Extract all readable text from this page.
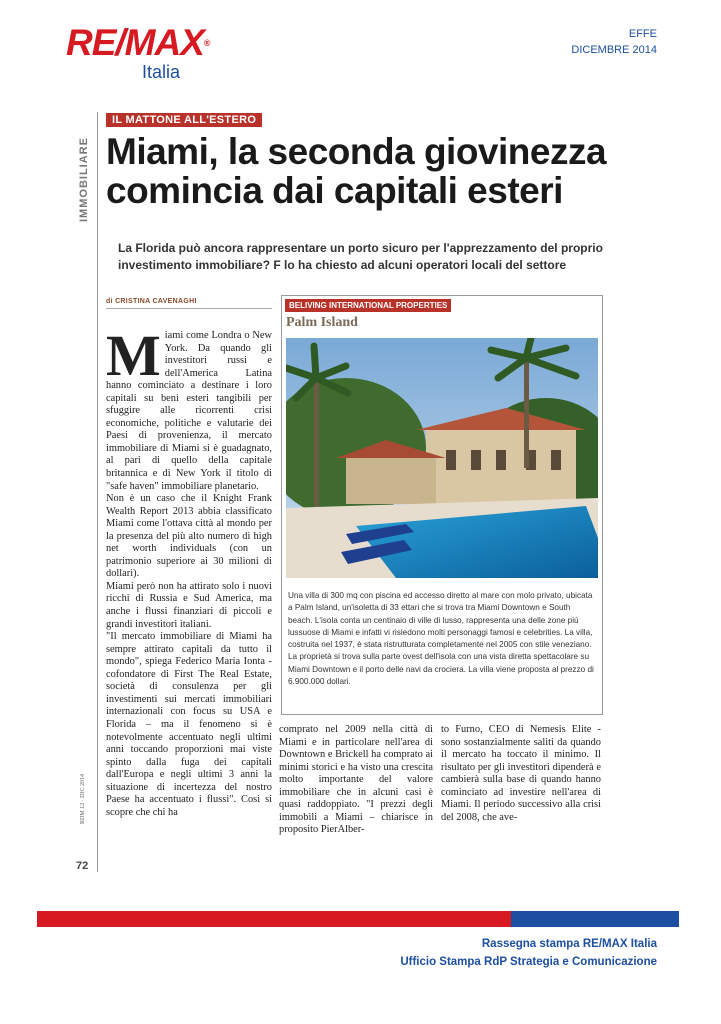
RE/MAX®
Italia
EFFE
DICEMBRE 2014
IMMOBILIARE
IL MATTONE ALL'ESTERO
Miami, la seconda giovinezza
comincia dai capitali esteri
La Florida può ancora rappresentare un porto sicuro per l'apprezzamento del proprio investimento immobiliare? F lo ha chiesto ad alcuni operatori locali del settore
di CRISTINA CAVENAGHI

Miami come Londra o New York. Da quando gli investitori russi e dell'America Latina hanno cominciato a destinare i loro capitali su beni esteri tangibili per sfuggire alle ricorrenti crisi economiche, politiche e valutarie dei Paesi di provenienza, il mercato immobiliare di Miami si è guadagnato, al pari di quello della capitale britannica e di New York il titolo di "safe haven" immobiliare planetario.

Non è un caso che il Knight Frank Wealth Report 2013 abbia classificato Miami come l'ottava città al mondo per la presenza del più alto numero di high net worth individuals (con un patrimonio superiore ai 30 milioni di dollari).

Miami però non ha attirato solo i nuovi ricchi di Russia e Sud America, ma anche i flussi finanziari di piccoli e grandi investitori italiani.

"Il mercato immobiliare di Miami ha sempre attirato capitali da tutto il mondo", spiega Federico Maria Ionta - cofondatore di First The Real Estate, società di consulenza per gli investimenti sui mercati immobiliari internazionali con focus su USA e Florida – ma il fenomeno si è notevolmente accentuato negli ultimi anni toccando proporzioni mai viste spinto dalla fuga dei capitali dall'Europa e negli ultimi 3 anni la situazione di incertezza del nostro Paese ha accentuato i flussi". Così si scopre che chi ha

comprato nel 2009 nella città di Miami e in particolare nell'area di Downtown e Brickell ha comprato ai minimi storici e ha visto una crescita molto importante del valore immobiliare che in alcuni casi è quasi raddoppiato. "I prezzi degli immobili a Miami – chiarisce in proposito PierAlber-
to Furno, CEO di Nemesis Elite - sono sostanzialmente saliti da quando il mercato ha toccato il minimo. Il risultato per gli investitori dipenderà e cambierà sulla base di quando hanno cominciato ad investire nell'area di Miami. Il periodo successivo alla crisi del 2008, che ave-
RDM 12 · DIC 2014
72
BELIVING INTERNATIONAL PROPERTIES
Palm Island
Una villa di 300 mq con piscina ed accesso diretto al mare con molo privato, ubicata a Palm Island, un'isoletta di 33 ettari che si trova tra Miami Downtown e South beach. L'isola conta un centinaio di ville di lusso, rappresenta una delle zone più lussuose di Miami e infatti vi risiedono molti personaggi famosi e celebrities. La villa, costruita nel 1937, è stata ristrutturata completamente nel 2005 con stile veneziano. La proprietà si trova sulla parte ovest dell'isola con una vista diretta spettacolare su Miami Downtown e il porto delle navi da crociera. La villa viene proposta al prezzo di 6.900.000 dollari.
Rassegna stampa RE/MAX Italia
Ufficio Stampa RdP Strategia e Comunicazione
